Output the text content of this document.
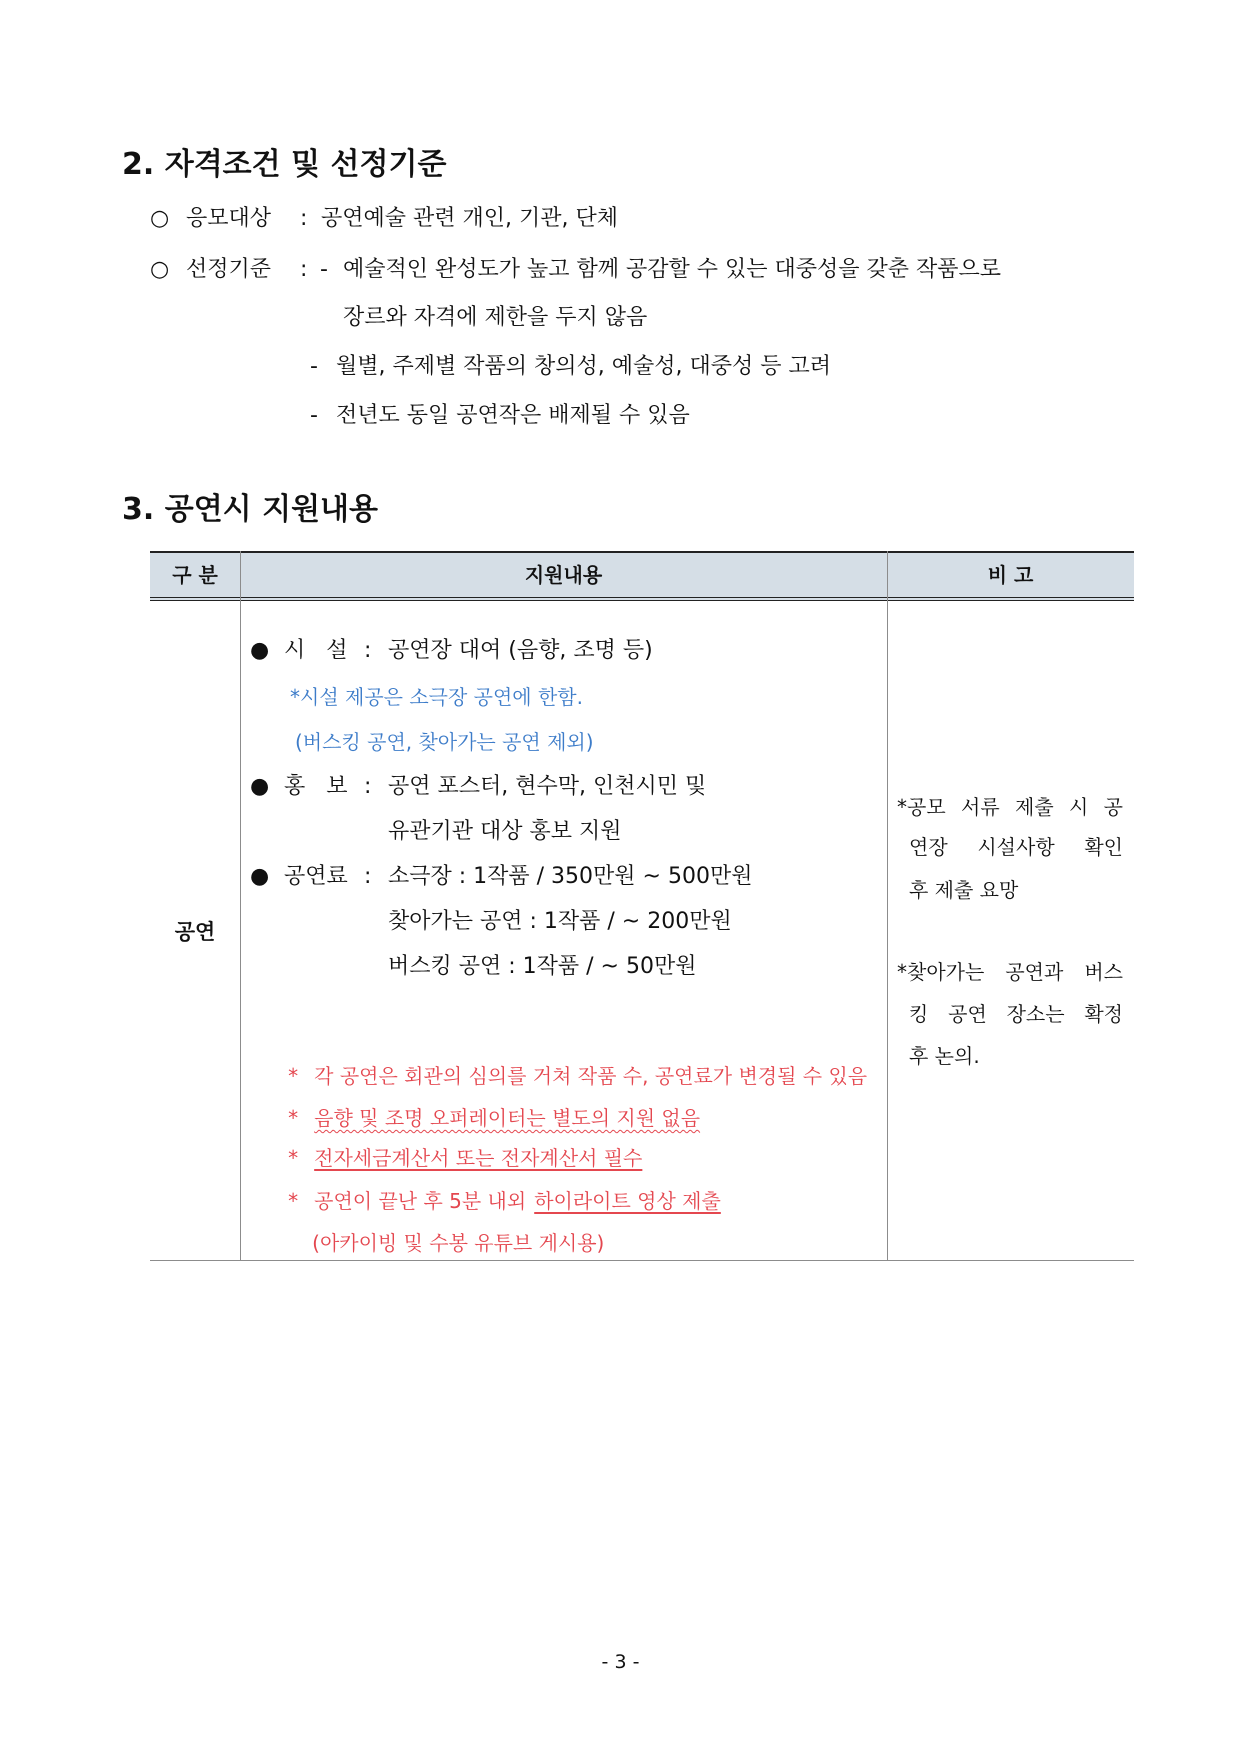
2. 자격조건 및 선정기준
○ 응모대상 : 공연예술 관련 개인, 기관, 단체
○ 선정기준 : - 예술적인 완성도가 높고 함께 공감할 수 있는 대중성을 갖춘 작품으로
장르와 자격에 제한을 두지 않음
- 월별, 주제별 작품의 창의성, 예술성, 대중성 등 고려
- 전년도 동일 공연작은 배제될 수 있음
3. 공연시 지원내용
구 분	지원내용	비 고
공연
● 시   설 : 공연장 대여 (음향, 조명 등)
*시설 제공은 소극장 공연에 한함.
(버스킹 공연, 찾아가는 공연 제외)
● 홍   보 : 공연 포스터, 현수막, 인천시민 및
유관기관 대상 홍보 지원
● 공연료 : 소극장 : 1작품 / 350만원 ~ 500만원
찾아가는 공연 : 1작품 / ~ 200만원
버스킹 공연 : 1작품 / ~ 50만원

* 각 공연은 회관의 심의를 거쳐 작품 수, 공연료가 변경될 수 있음

* 음향 및 조명 오퍼레이터는 별도의 지원 없음

* 전자세금계산서 또는 전자계산서 필수

* 공연이 끝난 후 5분 내외 하이라이트 영상 제출

(아카이빙 및 수봉 유튜브 게시용)

*공모 서류 제출 시 공
연장 시설사항 확인
후 제출 요망
*찾아가는 공연과 버스
킹 공연 장소는 확정
후 논의.
- 3 -
